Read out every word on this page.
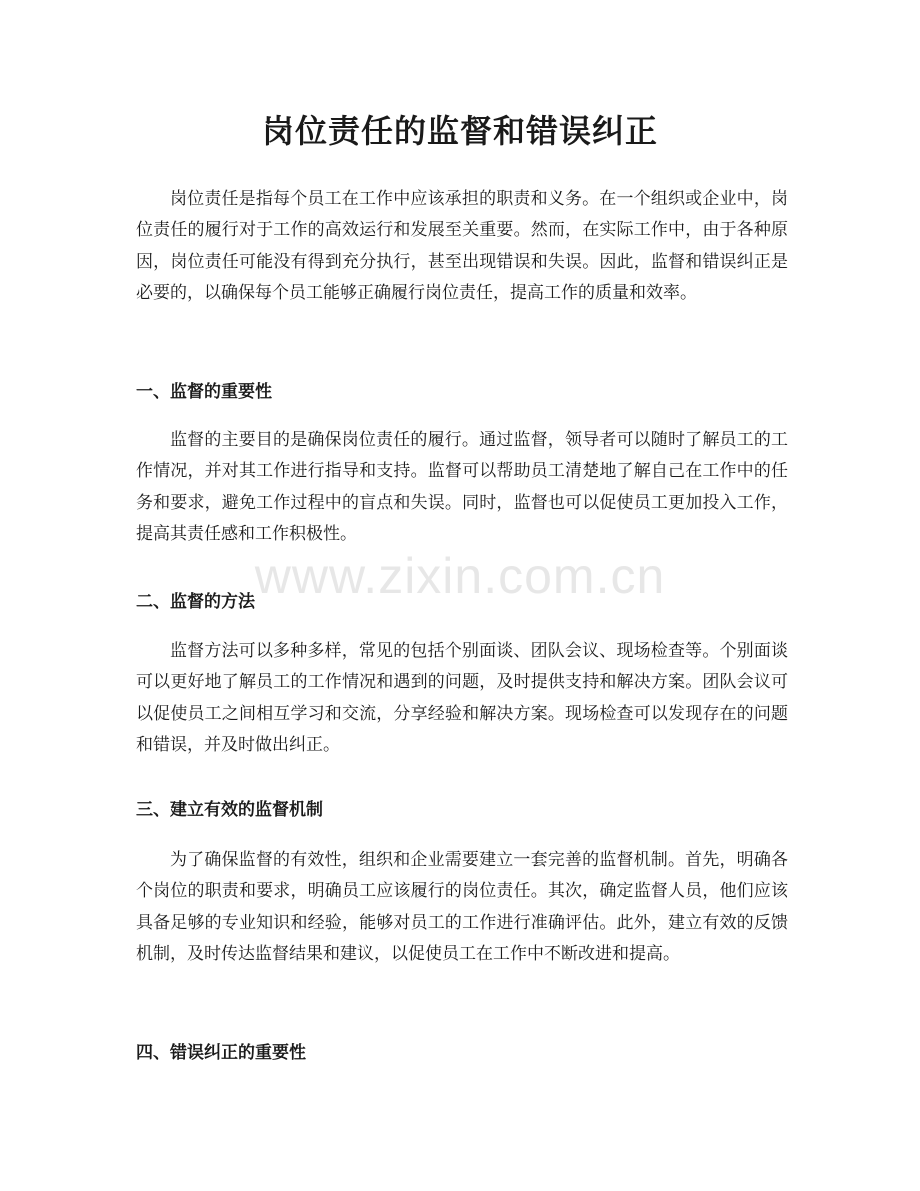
岗位责任的监督和错误纠正

岗位责任是指每个员工在工作中应该承担的职责和义务。在一个组织或企业中，岗位责任的履行对于工作的高效运行和发展至关重要。然而，在实际工作中，由于各种原因，岗位责任可能没有得到充分执行，甚至出现错误和失误。因此，监督和错误纠正是必要的，以确保每个员工能够正确履行岗位责任，提高工作的质量和效率。

一、监督的重要性

监督的主要目的是确保岗位责任的履行。通过监督，领导者可以随时了解员工的工作情况，并对其工作进行指导和支持。监督可以帮助员工清楚地了解自己在工作中的任务和要求，避免工作过程中的盲点和失误。同时，监督也可以促使员工更加投入工作，提高其责任感和工作积极性。

二、监督的方法

监督方法可以多种多样，常见的包括个别面谈、团队会议、现场检查等。个别面谈可以更好地了解员工的工作情况和遇到的问题，及时提供支持和解决方案。团队会议可以促使员工之间相互学习和交流，分享经验和解决方案。现场检查可以发现存在的问题和错误，并及时做出纠正。

三、建立有效的监督机制

为了确保监督的有效性，组织和企业需要建立一套完善的监督机制。首先，明确各个岗位的职责和要求，明确员工应该履行的岗位责任。其次，确定监督人员，他们应该具备足够的专业知识和经验，能够对员工的工作进行准确评估。此外，建立有效的反馈机制，及时传达监督结果和建议，以促使员工在工作中不断改进和提高。

四、错误纠正的重要性
www.zixin.com.cn
